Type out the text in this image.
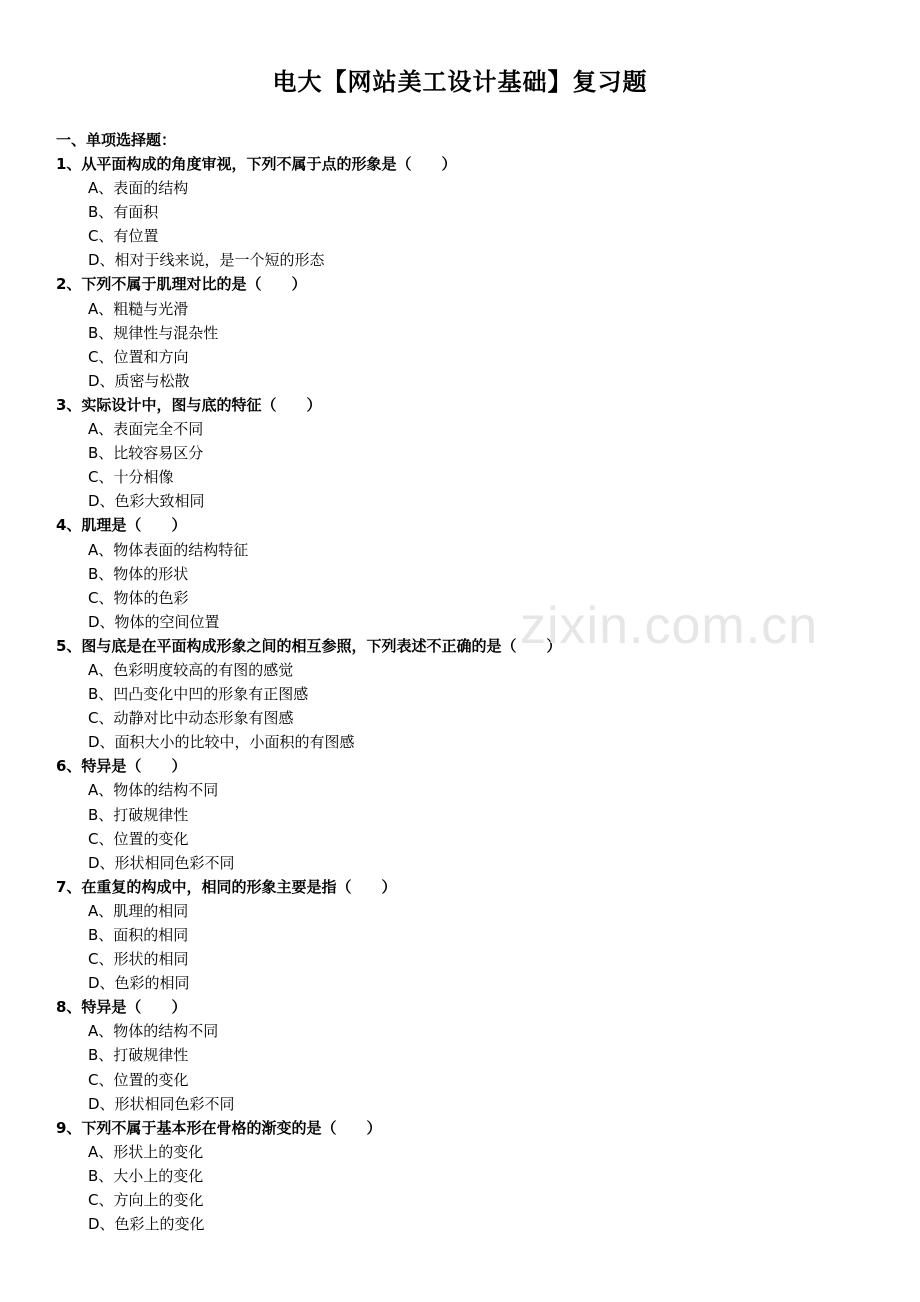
电大【网站美工设计基础】复习题
一、单项选择题：
1、从平面构成的角度审视，下列不属于点的形象是（　　）
A、表面的结构
B、有面积
C、有位置
D、相对于线来说，是一个短的形态
2、下列不属于肌理对比的是（　　）
A、粗糙与光滑
B、规律性与混杂性
C、位置和方向
D、质密与松散
3、实际设计中，图与底的特征（　　）
A、表面完全不同
B、比较容易区分
C、十分相像
D、色彩大致相同
4、肌理是（　　）
A、物体表面的结构特征
B、物体的形状
C、物体的色彩
D、物体的空间位置
5、图与底是在平面构成形象之间的相互参照，下列表述不正确的是（　　）
A、色彩明度较高的有图的感觉
B、凹凸变化中凹的形象有正图感
C、动静对比中动态形象有图感
D、面积大小的比较中，小面积的有图感
6、特异是（　　）
A、物体的结构不同
B、打破规律性
C、位置的变化
D、形状相同色彩不同
7、在重复的构成中，相同的形象主要是指（　　）
A、肌理的相同
B、面积的相同
C、形状的相同
D、色彩的相同
8、特异是（　　）
A、物体的结构不同
B、打破规律性
C、位置的变化
D、形状相同色彩不同
9、下列不属于基本形在骨格的渐变的是（　　）
A、形状上的变化
B、大小上的变化
C、方向上的变化
D、色彩上的变化
zixin.com.cn
